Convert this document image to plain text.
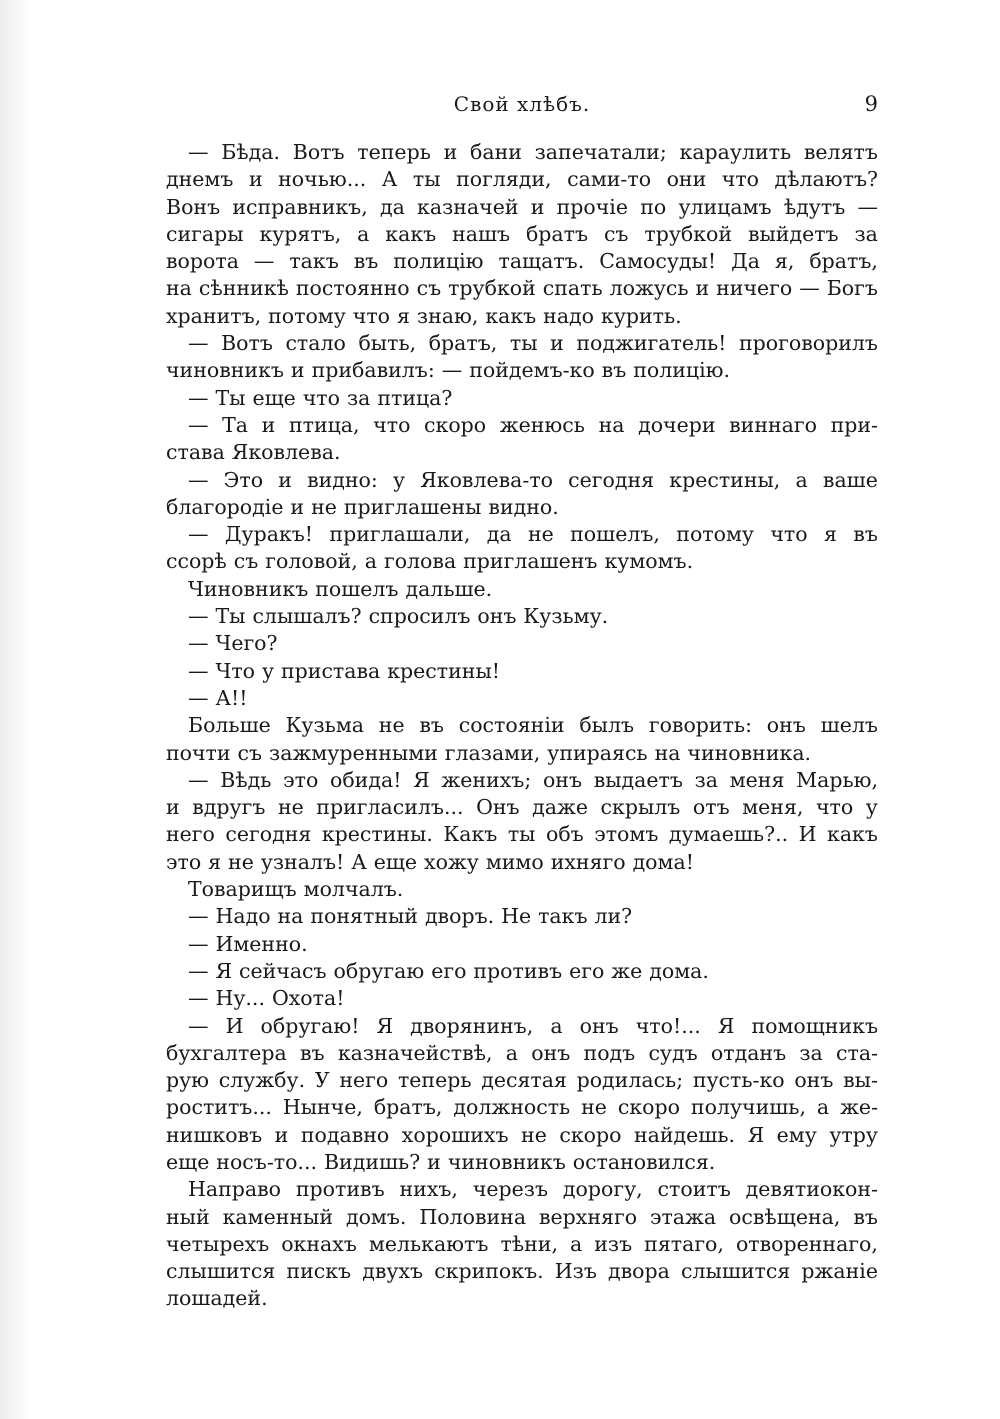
Свой хлѣбъ.	9
— Бѣда. Вотъ теперь и бани запечатали; караулить велятъ
днемъ и ночью... А ты погляди, сами-то они что дѣлаютъ?
Вонъ исправникъ, да казначей и прочіе по улицамъ ѣдутъ —
сигары курятъ, а какъ нашъ братъ съ трубкой выйдетъ за
ворота — такъ въ полицію тащатъ. Самосуды! Да я, братъ,
на сѣнникѣ постоянно съ трубкой спать ложусь и ничего — Богъ
хранитъ, потому что я знаю, какъ надо курить.
— Вотъ стало быть, братъ, ты и поджигатель! проговорилъ
чиновникъ и прибавилъ: — пойдемъ-ко въ полицію.
— Ты еще что за птица?
— Та и птица, что скоро женюсь на дочери виннаго при-
става Яковлева.
— Это и видно: у Яковлева-то сегодня крестины, а ваше
благородіе и не приглашены видно.
— Дуракъ! приглашали, да не пошелъ, потому что я въ
ссорѣ съ головой, а голова приглашенъ кумомъ.
Чиновникъ пошелъ дальше.
— Ты слышалъ? спросилъ онъ Кузьму.
— Чего?
— Что у пристава крестины!
— А!!
Больше Кузьма не въ состояніи былъ говорить: онъ шелъ
почти съ зажмуренными глазами, упираясь на чиновника.
— Вѣдь это обида! Я женихъ; онъ выдаетъ за меня Марью,
и вдругъ не пригласилъ... Онъ даже скрылъ отъ меня, что у
него сегодня крестины. Какъ ты объ этомъ думаешь?.. И какъ
это я не узналъ! А еще хожу мимо ихняго дома!
Товарищъ молчалъ.
— Надо на понятный дворъ. Не такъ ли?
— Именно.
— Я сейчасъ обругаю его противъ его же дома.
— Ну... Охота!
— И обругаю! Я дворянинъ, а онъ что!... Я помощникъ
бухгалтера въ казначействѣ, а онъ подъ судъ отданъ за ста-
рую службу. У него теперь десятая родилась; пусть-ко онъ вы-
роститъ... Нынче, братъ, должность не скоро получишь, а же-
нишковъ и подавно хорошихъ не скоро найдешь. Я ему утру
еще носъ-то... Видишь? и чиновникъ остановился.
Направо противъ нихъ, черезъ дорогу, стоитъ девятиокон-
ный каменный домъ. Половина верхняго этажа освѣщена, въ
четырехъ окнахъ мелькаютъ тѣни, а изъ пятаго, отвореннаго,
слышится пискъ двухъ скрипокъ. Изъ двора слышится ржаніе
лошадей.
